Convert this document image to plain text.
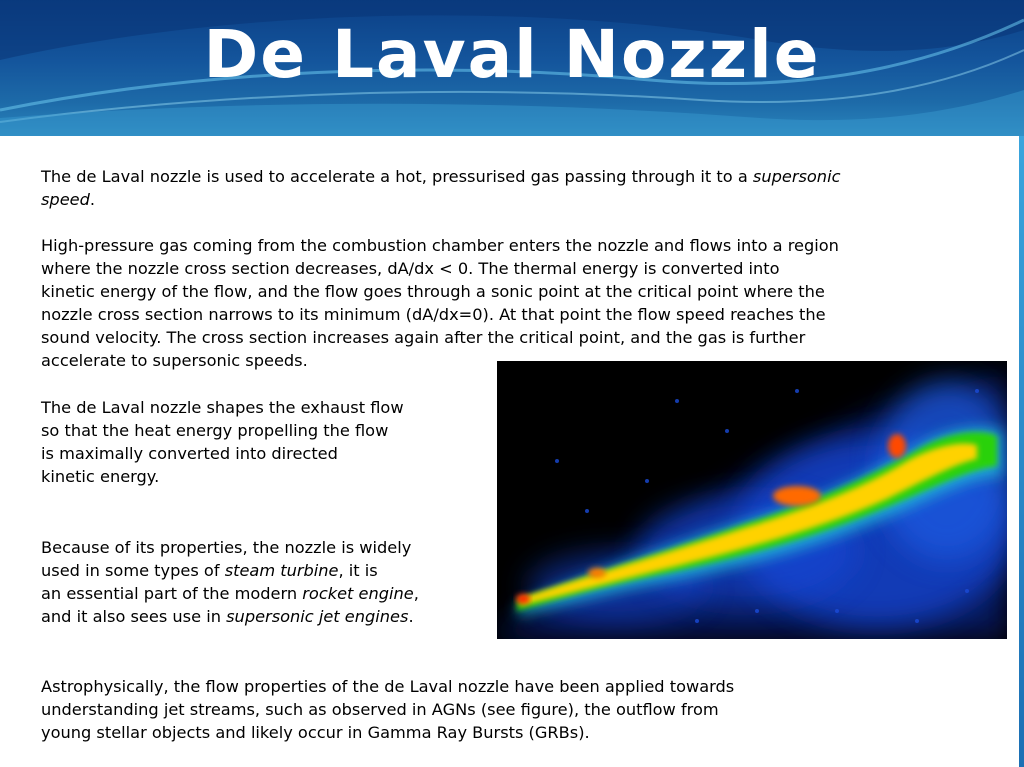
De Laval Nozzle

The de Laval nozzle is used to accelerate a hot, pressurised gas passing through it to a supersonic
speed.

High-pressure gas coming from the combustion chamber enters the nozzle and flows into a region
where the nozzle cross section decreases, dA/dx < 0. The thermal energy is converted into
kinetic energy of the flow, and the flow goes through a sonic point at the critical point where the
nozzle cross section narrows to its minimum (dA/dx=0). At that point the flow speed reaches the
sound velocity. The cross section increases again after the critical point, and the gas is further
accelerate to supersonic speeds.

The de Laval nozzle shapes the exhaust flow
so that the heat energy propelling the flow
is maximally converted into directed
kinetic energy.

Because of its properties, the nozzle is widely
used in some types of steam turbine, it is
an essential part of the modern rocket engine,
and it also sees use in supersonic jet engines.

Astrophysically, the flow properties of the de Laval nozzle have been applied towards
understanding jet streams, such as observed in AGNs (see figure), the outflow from
young stellar objects and likely occur in Gamma Ray Bursts (GRBs).
